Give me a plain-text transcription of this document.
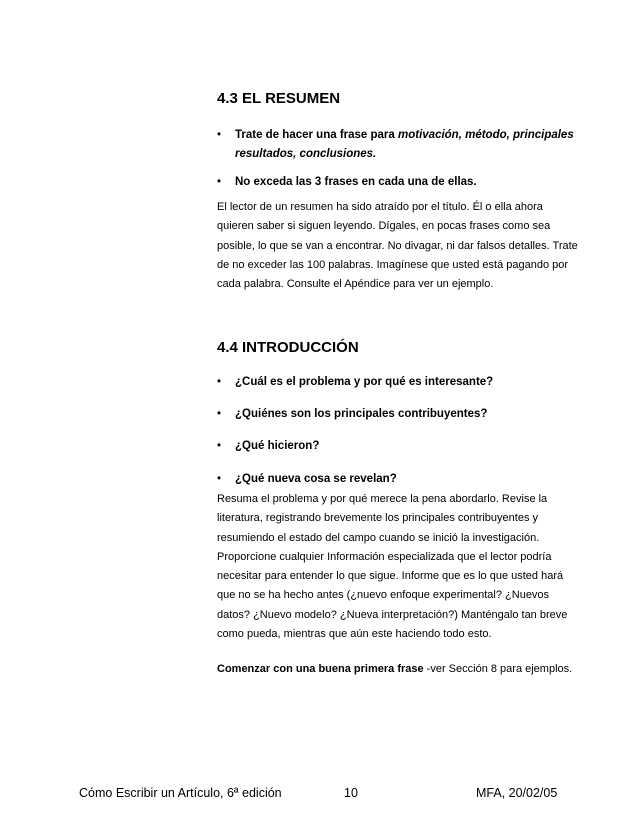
4.3 EL RESUMEN
• Trate de hacer una frase para motivación, método, principales resultados, conclusiones.
• No exceda las 3 frases en cada una de ellas.

El lector de un resumen ha sido atraído por el título. Él o ella ahora quieren saber si siguen leyendo. Dígales, en pocas frases como sea posible, lo que se van a encontrar. No divagar, ni dar falsos detalles. Trate de no exceder las 100 palabras. Imagínese que usted está pagando por cada palabra. Consulte el Apéndice para ver un ejemplo.

4.4 INTRODUCCIÓN
• ¿Cuál es el problema y por qué es interesante?
• ¿Quiénes son los principales contribuyentes?
• ¿Qué hicieron?
• ¿Qué nueva cosa se revelan?

Resuma el problema y por qué merece la pena abordarlo. Revise la literatura, registrando brevemente los principales contribuyentes y resumiendo el estado del campo cuando se inició la investigación. Proporcione cualquier Información especializada que el lector podría necesitar para entender lo que sigue. Informe que es lo que usted hará que no se ha hecho antes (¿nuevo enfoque experimental? ¿Nuevos datos? ¿Nuevo modelo? ¿Nueva interpretación?) Manténgalo tan breve como pueda, mientras que aún este haciendo todo esto.

Comenzar con una buena primera frase -ver Sección 8 para ejemplos.

Cómo Escribir un Artículo, 6ª edición	10	MFA, 20/02/05
